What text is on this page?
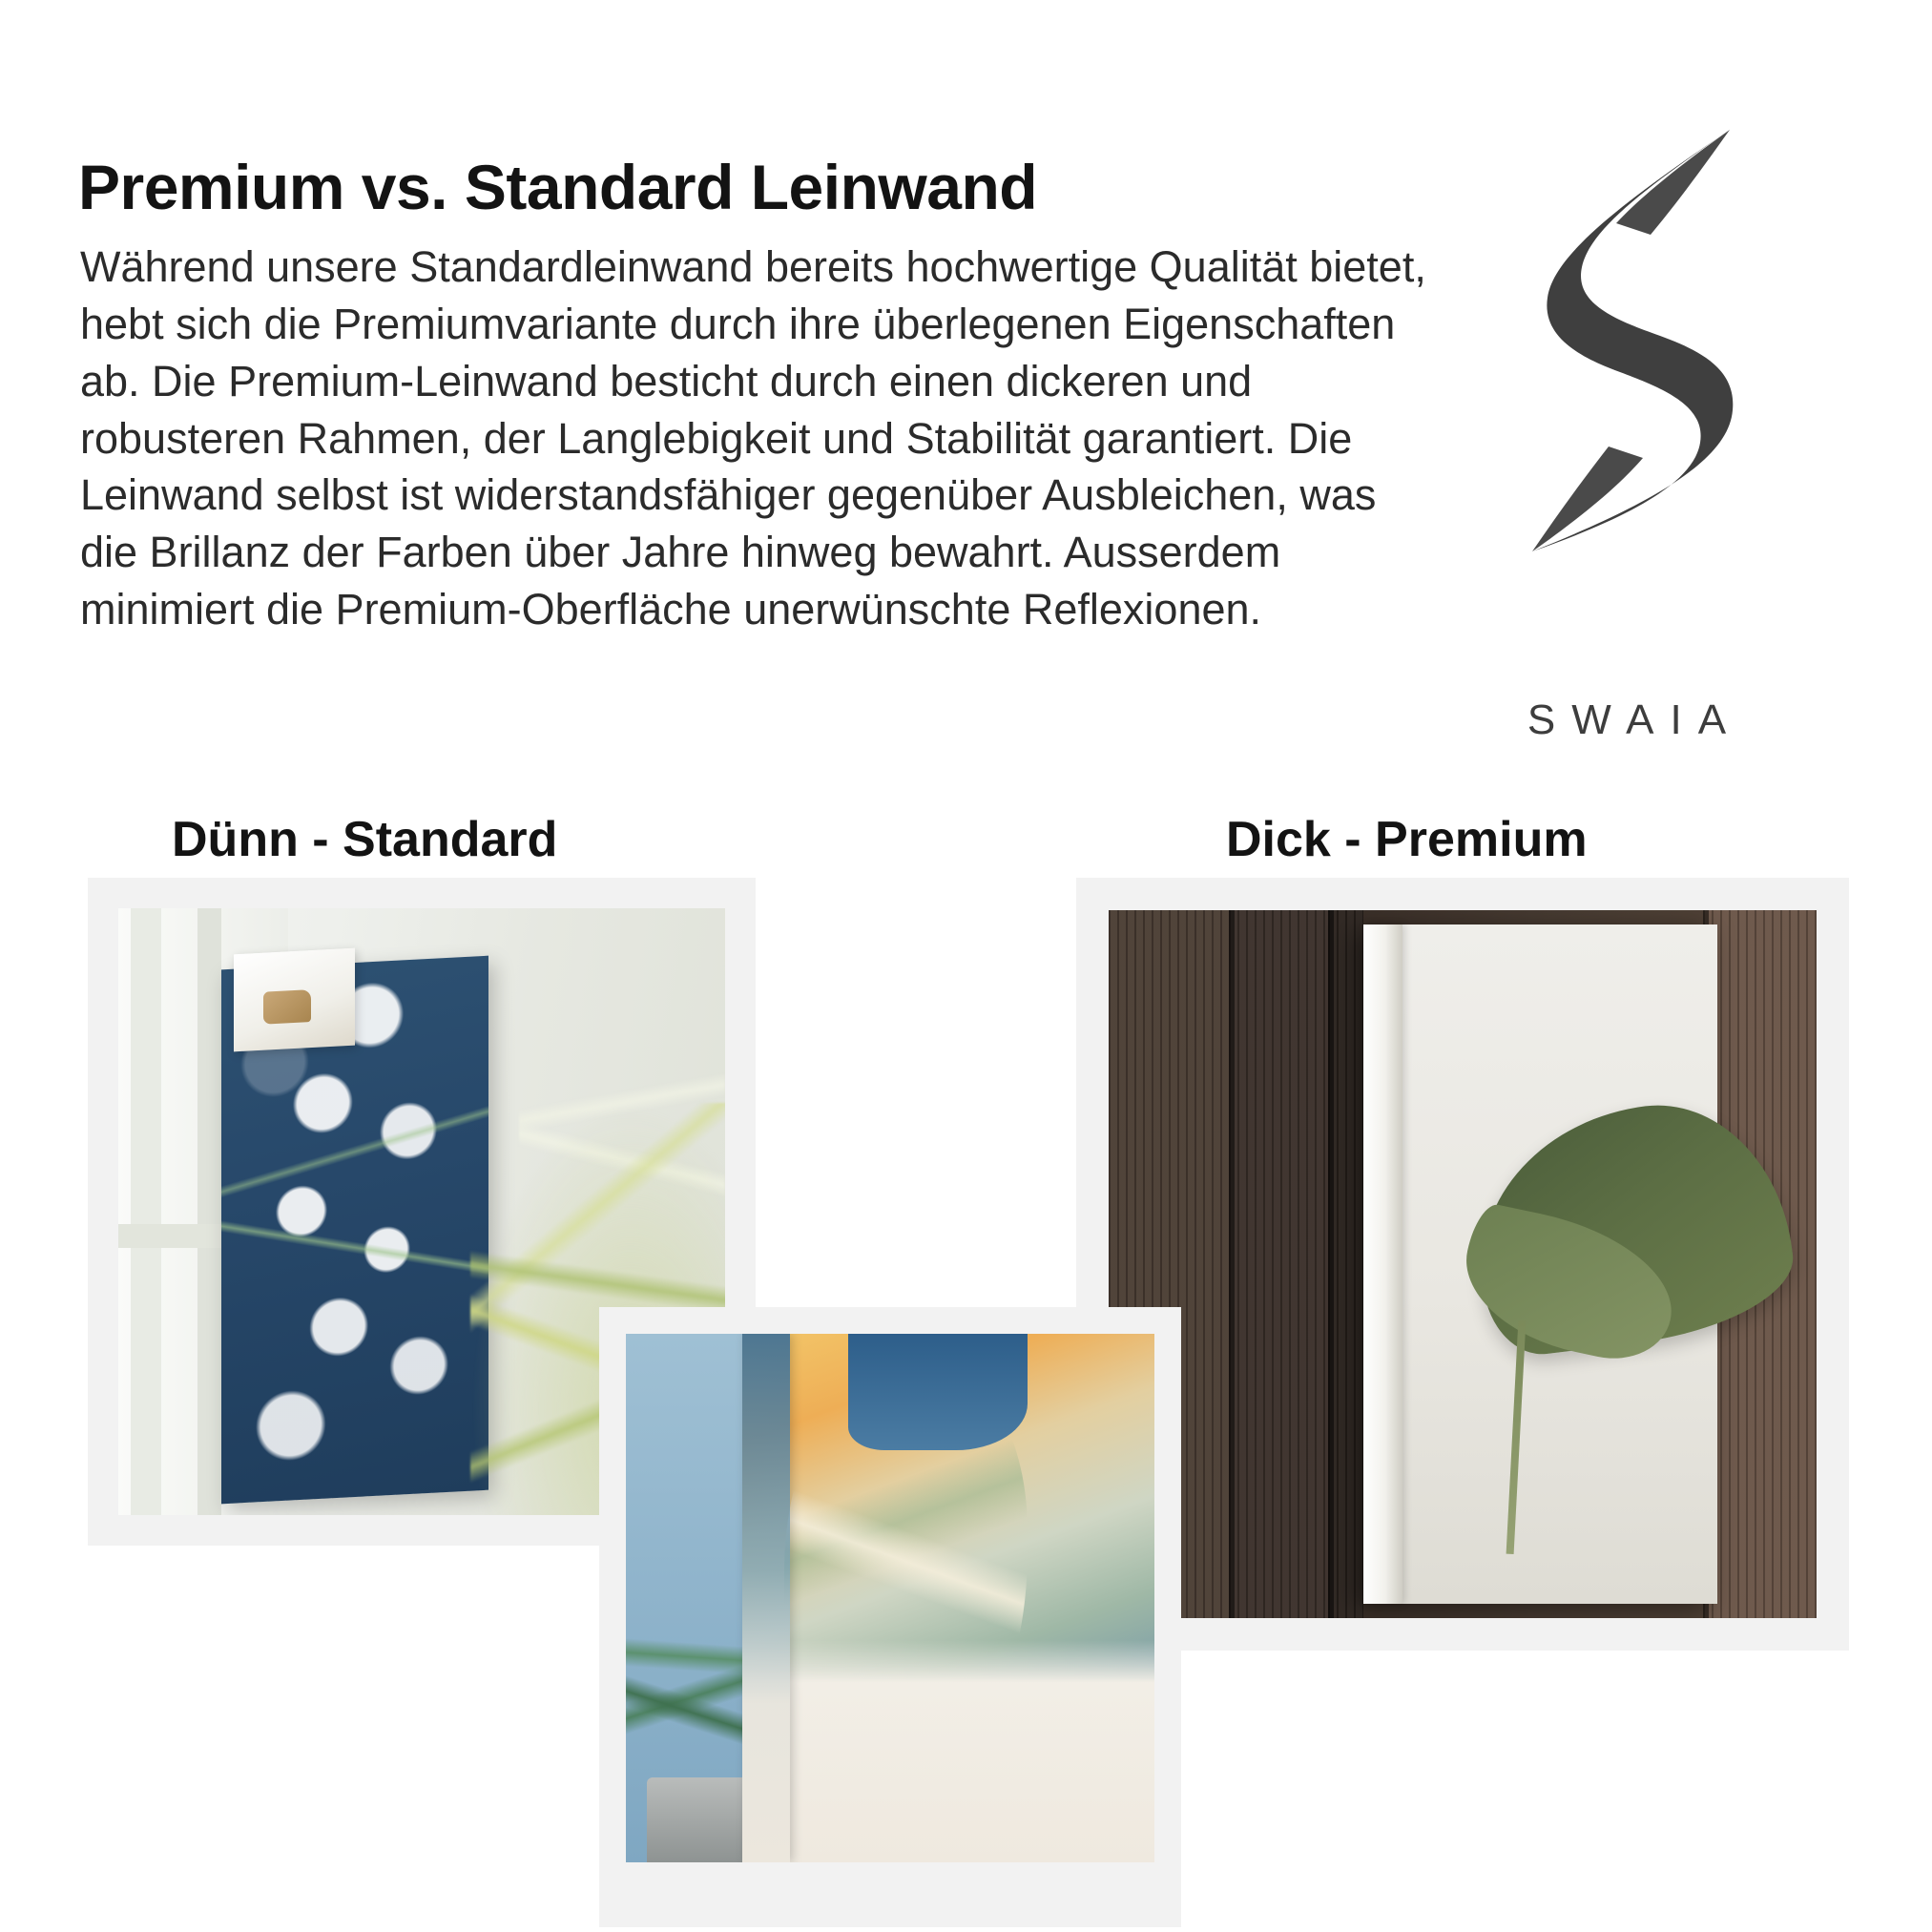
Premium vs. Standard Leinwand

Während unsere Standardleinwand bereits hochwertige Qualität bietet, hebt sich die Premiumvariante durch ihre überlegenen Eigenschaften ab. Die Premium-Leinwand besticht durch einen dickeren und robusteren Rahmen, der Langlebigkeit und Stabilität garantiert. Die Leinwand selbst ist widerstandsfähiger gegenüber Ausbleichen, was die Brillanz der Farben über Jahre hinweg bewahrt. Ausserdem minimiert die Premium-Oberfläche unerwünschte Reflexionen.

SWAIA
Dünn - Standard	Dick - Premium
